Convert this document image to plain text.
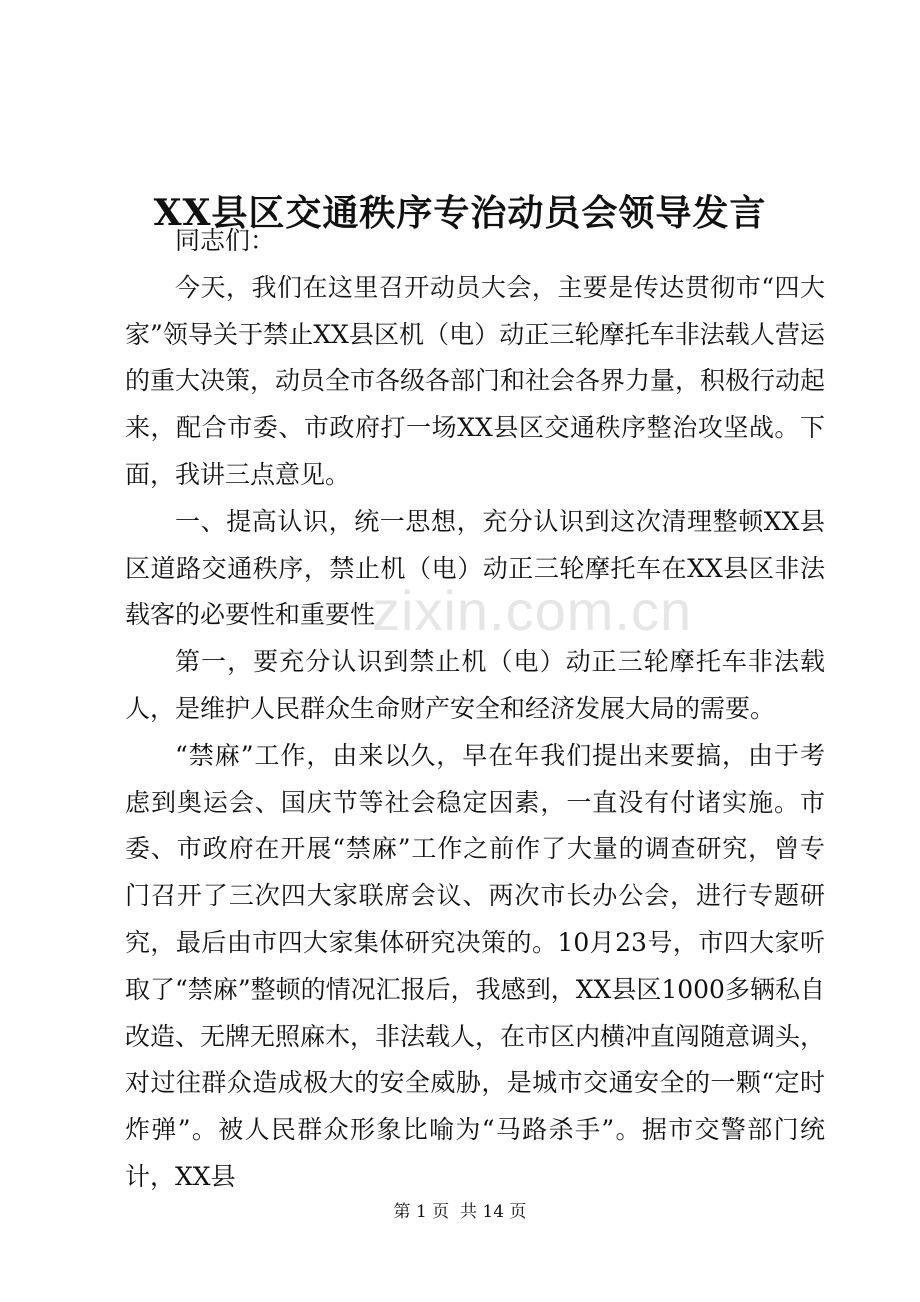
zixin.com.cn
XX县区交通秩序专治动员会领导发言

同志们：

今天，我们在这里召开动员大会，主要是传达贯彻市“四大家”领导关于禁止XX县区机（电）动正三轮摩托车非法载人营运的重大决策，动员全市各级各部门和社会各界力量，积极行动起来，配合市委、市政府打一场XX县区交通秩序整治攻坚战。下面，我讲三点意见。

一、提高认识，统一思想，充分认识到这次清理整顿XX县区道路交通秩序，禁止机（电）动正三轮摩托车在XX县区非法载客的必要性和重要性

第一，要充分认识到禁止机（电）动正三轮摩托车非法载人，是维护人民群众生命财产安全和经济发展大局的需要。

“禁麻”工作，由来以久，早在年我们提出来要搞，由于考虑到奥运会、国庆节等社会稳定因素，一直没有付诸实施。市委、市政府在开展“禁麻”工作之前作了大量的调查研究，曾专门召开了三次四大家联席会议、两次市长办公会，进行专题研究，最后由市四大家集体研究决策的。10月23号，市四大家听取了“禁麻”整顿的情况汇报后，我感到，XX县区1000多辆私自改造、无牌无照麻木，非法载人，在市区内横冲直闯随意调头，对过往群众造成极大的安全威胁，是城市交通安全的一颗“定时炸弹”。被人民群众形象比喻为“马路杀手”。据市交警部门统计，XX县

第 1 页 共 14 页
